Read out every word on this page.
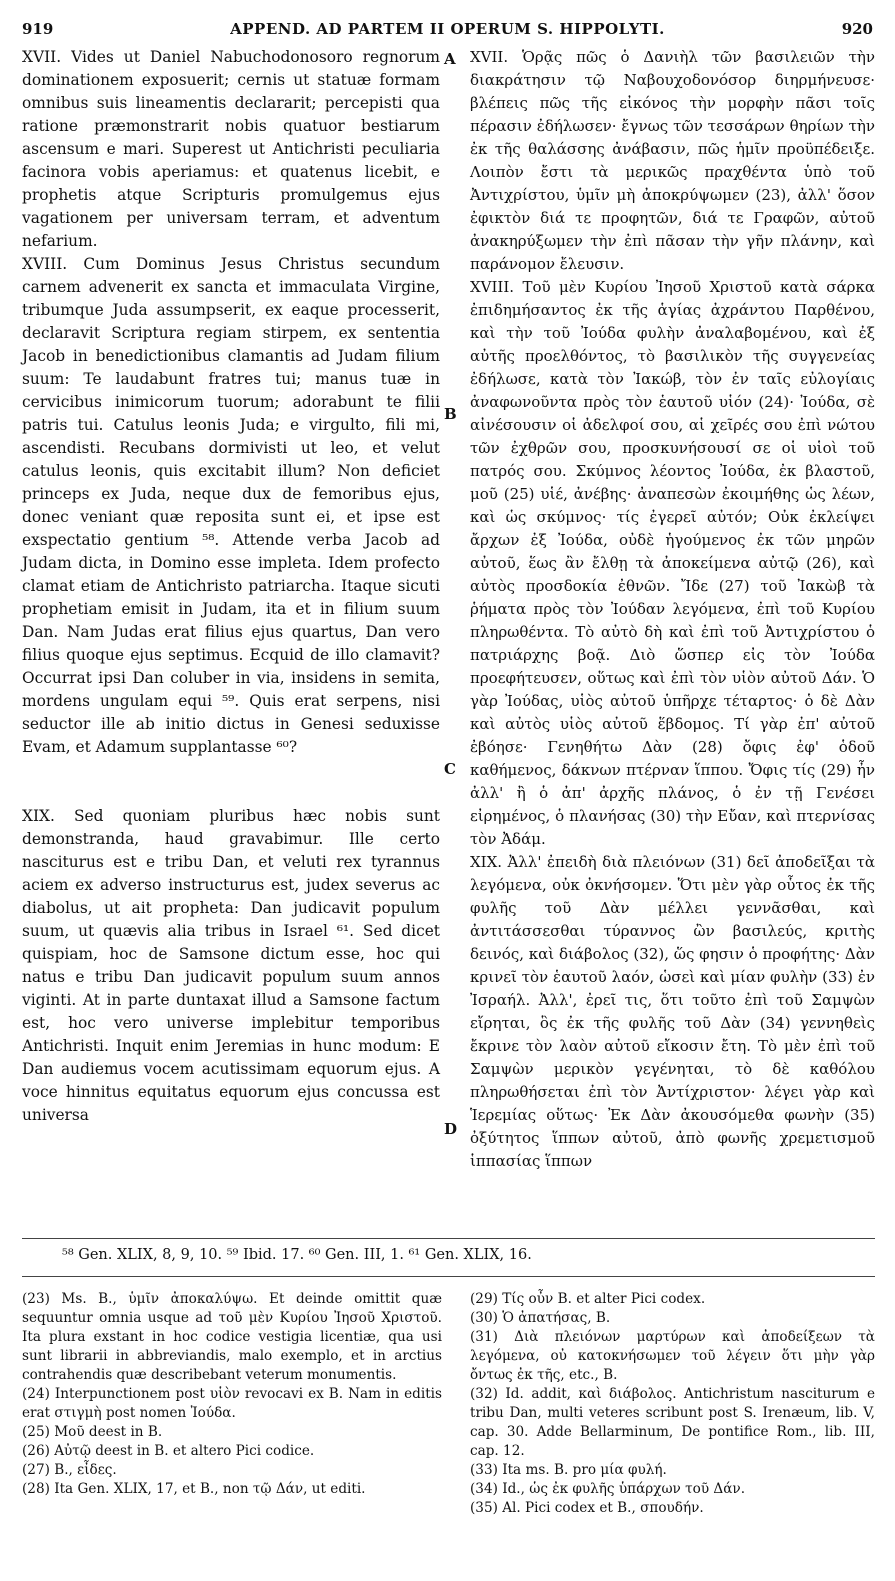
919	APPEND. AD PARTEM II OPERUM S. HIPPOLYTI.	920
A
B
C
D

XVII. Vides ut Daniel Nabuchodonosoro regnorum dominationem exposuerit; cernis ut statuæ formam omnibus suis lineamentis declararit; percepisti qua ratione præmonstrarit nobis quatuor bestiarum ascensum e mari. Superest ut Antichristi peculiaria facinora vobis aperiamus: et quatenus licebit, e prophetis atque Scripturis promulgemus ejus vagationem per universam terram, et adventum nefarium.

XVIII. Cum Dominus Jesus Christus secundum carnem advenerit ex sancta et immaculata Virgine, tribumque Juda assumpserit, ex eaque processerit, declaravit Scriptura regiam stirpem, ex sententia Jacob in benedictionibus clamantis ad Judam filium suum: Te laudabunt fratres tui; manus tuæ in cervicibus inimicorum tuorum; adorabunt te filii patris tui. Catulus leonis Juda; e virgulto, fili mi, ascendisti. Recubans dormivisti ut leo, et velut catulus leonis, quis excitabit illum? Non deficiet princeps ex Juda, neque dux de femoribus ejus, donec veniant quæ reposita sunt ei, et ipse est exspectatio gentium ⁵⁸. Attende verba Jacob ad Judam dicta, in Domino esse impleta. Idem profecto clamat etiam de Antichristo patriarcha. Itaque sicuti prophetiam emisit in Judam, ita et in filium suum Dan. Nam Judas erat filius ejus quartus, Dan vero filius quoque ejus septimus. Ecquid de illo clamavit? Occurrat ipsi Dan coluber in via, insidens in semita, mordens ungulam equi ⁵⁹. Quis erat serpens, nisi seductor ille ab initio dictus in Genesi seduxisse Evam, et Adamum supplantasse ⁶⁰?

XIX. Sed quoniam pluribus hæc nobis sunt demonstranda, haud gravabimur. Ille certo nasciturus est e tribu Dan, et veluti rex tyrannus aciem ex adverso instructurus est, judex severus ac diabolus, ut ait propheta: Dan judicavit populum suum, ut quævis alia tribus in Israel ⁶¹. Sed dicet quispiam, hoc de Samsone dictum esse, hoc qui natus e tribu Dan judicavit populum suum annos viginti. At in parte duntaxat illud a Samsone factum est, hoc vero universe implebitur temporibus Antichristi. Inquit enim Jeremias in hunc modum: E Dan audiemus vocem acutissimam equorum ejus. A voce hinnitus equitatus equorum ejus concussa est universa

XVII. Ὁρᾷς πῶς ὁ Δανιὴλ τῶν βασιλειῶν τὴν διακράτησιν τῷ Ναβουχοδονόσορ διηρμήνευσε· βλέπεις πῶς τῆς εἰκόνος τὴν μορφὴν πᾶσι τοῖς πέρασιν ἐδήλωσεν· ἔγνως τῶν τεσσάρων θηρίων τὴν ἐκ τῆς θαλάσσης ἀνάβασιν, πῶς ἡμῖν προϋπέδειξε. Λοιπὸν ἔστι τὰ μερικῶς πραχθέντα ὑπὸ τοῦ Ἀντιχρίστου, ὑμῖν μὴ ἀποκρύψωμεν (23), ἀλλ' ὅσον ἐφικτὸν διά τε προφητῶν, διά τε Γραφῶν, αὐτοῦ ἀνακηρύξωμεν τὴν ἐπὶ πᾶσαν τὴν γῆν πλάνην, καὶ παράνομον ἔλευσιν.

XVIII. Τοῦ μὲν Κυρίου Ἰησοῦ Χριστοῦ κατὰ σάρκα ἐπιδημήσαντος ἐκ τῆς ἁγίας ἀχράντου Παρθένου, καὶ τὴν τοῦ Ἰούδα φυλὴν ἀναλαβομένου, καὶ ἐξ αὐτῆς προελθόντος, τὸ βασιλικὸν τῆς συγγενείας ἐδήλωσε, κατὰ τὸν Ἰακώβ, τὸν ἐν ταῖς εὐλογίαις ἀναφωνοῦντα πρὸς τὸν ἑαυτοῦ υἱόν (24)· Ἰούδα, σὲ αἰνέσουσιν οἱ ἀδελφοί σου, αἱ χεῖρές σου ἐπὶ νώτου τῶν ἐχθρῶν σου, προσκυνήσουσί σε οἱ υἱοὶ τοῦ πατρός σου. Σκύμνος λέοντος Ἰούδα, ἐκ βλαστοῦ, μοῦ (25) υἱέ, ἀνέβης· ἀναπεσὼν ἐκοιμήθης ὡς λέων, καὶ ὡς σκύμνος· τίς ἐγερεῖ αὐτόν; Οὐκ ἐκλείψει ἄρχων ἐξ Ἰούδα, οὐδὲ ἡγούμενος ἐκ τῶν μηρῶν αὐτοῦ, ἕως ἂν ἔλθῃ τὰ ἀποκείμενα αὐτῷ (26), καὶ αὐτὸς προσδοκία ἐθνῶν. Ἴδε (27) τοῦ Ἰακὼβ τὰ ῥήματα πρὸς τὸν Ἰούδαν λεγόμενα, ἐπὶ τοῦ Κυρίου πληρωθέντα. Τὸ αὐτὸ δὴ καὶ ἐπὶ τοῦ Ἀντιχρίστου ὁ πατριάρχης βοᾷ. Διὸ ὥσπερ εἰς τὸν Ἰούδα προεφήτευσεν, οὕτως καὶ ἐπὶ τὸν υἱὸν αὐτοῦ Δάν. Ὁ γὰρ Ἰούδας, υἱὸς αὐτοῦ ὑπῆρχε τέταρτος· ὁ δὲ Δὰν καὶ αὐτὸς υἱὸς αὐτοῦ ἕβδομος. Τί γὰρ ἐπ' αὐτοῦ ἐβόησε· Γενηθήτω Δὰν (28) ὄφις ἐφ' ὁδοῦ καθήμενος, δάκνων πτέρναν ἵππου. Ὄφις τίς (29) ἦν ἀλλ' ἢ ὁ ἀπ' ἀρχῆς πλάνος, ὁ ἐν τῇ Γενέσει εἰρημένος, ὁ πλανήσας (30) τὴν Εὔαν, καὶ πτερνίσας τὸν Ἀδάμ.

XIX. Ἀλλ' ἐπειδὴ διὰ πλειόνων (31) δεῖ ἀποδεῖξαι τὰ λεγόμενα, οὐκ ὀκνήσομεν. Ὅτι μὲν γὰρ οὗτος ἐκ τῆς φυλῆς τοῦ Δὰν μέλλει γεννᾶσθαι, καὶ ἀντιτάσσεσθαι τύραννος ὢν βασιλεύς, κριτὴς δεινός, καὶ διάβολος (32), ὥς φησιν ὁ προφήτης· Δὰν κρινεῖ τὸν ἑαυτοῦ λαόν, ὡσεὶ καὶ μίαν φυλὴν (33) ἐν Ἰσραήλ. Ἀλλ', ἐρεῖ τις, ὅτι τοῦτο ἐπὶ τοῦ Σαμψὼν εἴρηται, ὃς ἐκ τῆς φυλῆς τοῦ Δὰν (34) γεννηθεὶς ἔκρινε τὸν λαὸν αὐτοῦ εἴκοσιν ἔτη. Τὸ μὲν ἐπὶ τοῦ Σαμψὼν μερικὸν γεγένηται, τὸ δὲ καθόλου πληρωθήσεται ἐπὶ τὸν Ἀντίχριστον· λέγει γὰρ καὶ Ἱερεμίας οὕτως· Ἐκ Δὰν ἀκουσόμεθα φωνὴν (35) ὀξύτητος ἵππων αὐτοῦ, ἀπὸ φωνῆς χρεμετισμοῦ ἱππασίας ἵππων

⁵⁸ Gen. XLIX, 8, 9, 10. ⁵⁹ Ibid. 17. ⁶⁰ Gen. III, 1. ⁶¹ Gen. XLIX, 16.

(23) Ms. B., ὑμῖν ἀποκαλύψω. Et deinde omittit quæ sequuntur omnia usque ad τοῦ μὲν Κυρίου Ἰησοῦ Χριστοῦ. Ita plura exstant in hoc codice vestigia licentiæ, qua usi sunt librarii in abbreviandis, malo exemplo, et in arctius contrahendis quæ describebant veterum monumentis.

(24) Interpunctionem post υἱὸν revocavi ex B. Nam in editis erat στιγμὴ post nomen Ἰούδα.

(25) Μοῦ deest in B.

(26) Αὐτῷ deest in B. et altero Pici codice.

(27) B., εἶδες.

(28) Ita Gen. XLIX, 17, et B., non τῷ Δάν, ut editi.

(29) Τίς οὖν B. et alter Pici codex.

(30) Ὁ ἀπατήσας, B.

(31) Διὰ πλειόνων μαρτύρων καὶ ἀποδείξεων τὰ λεγόμενα, οὐ κατοκνήσωμεν τοῦ λέγειν ὅτι μὴν γὰρ ὄντως ἐκ τῆς, etc., B.

(32) Id. addit, καὶ διάβολος. Antichristum nasciturum e tribu Dan, multi veteres scribunt post S. Irenæum, lib. V, cap. 30. Adde Bellarminum, De pontifice Rom., lib. III, cap. 12.

(33) Ita ms. B. pro μία φυλή.

(34) Id., ὡς ἐκ φυλῆς ὑπάρχων τοῦ Δάν.

(35) Al. Pici codex et B., σπουδήν.
